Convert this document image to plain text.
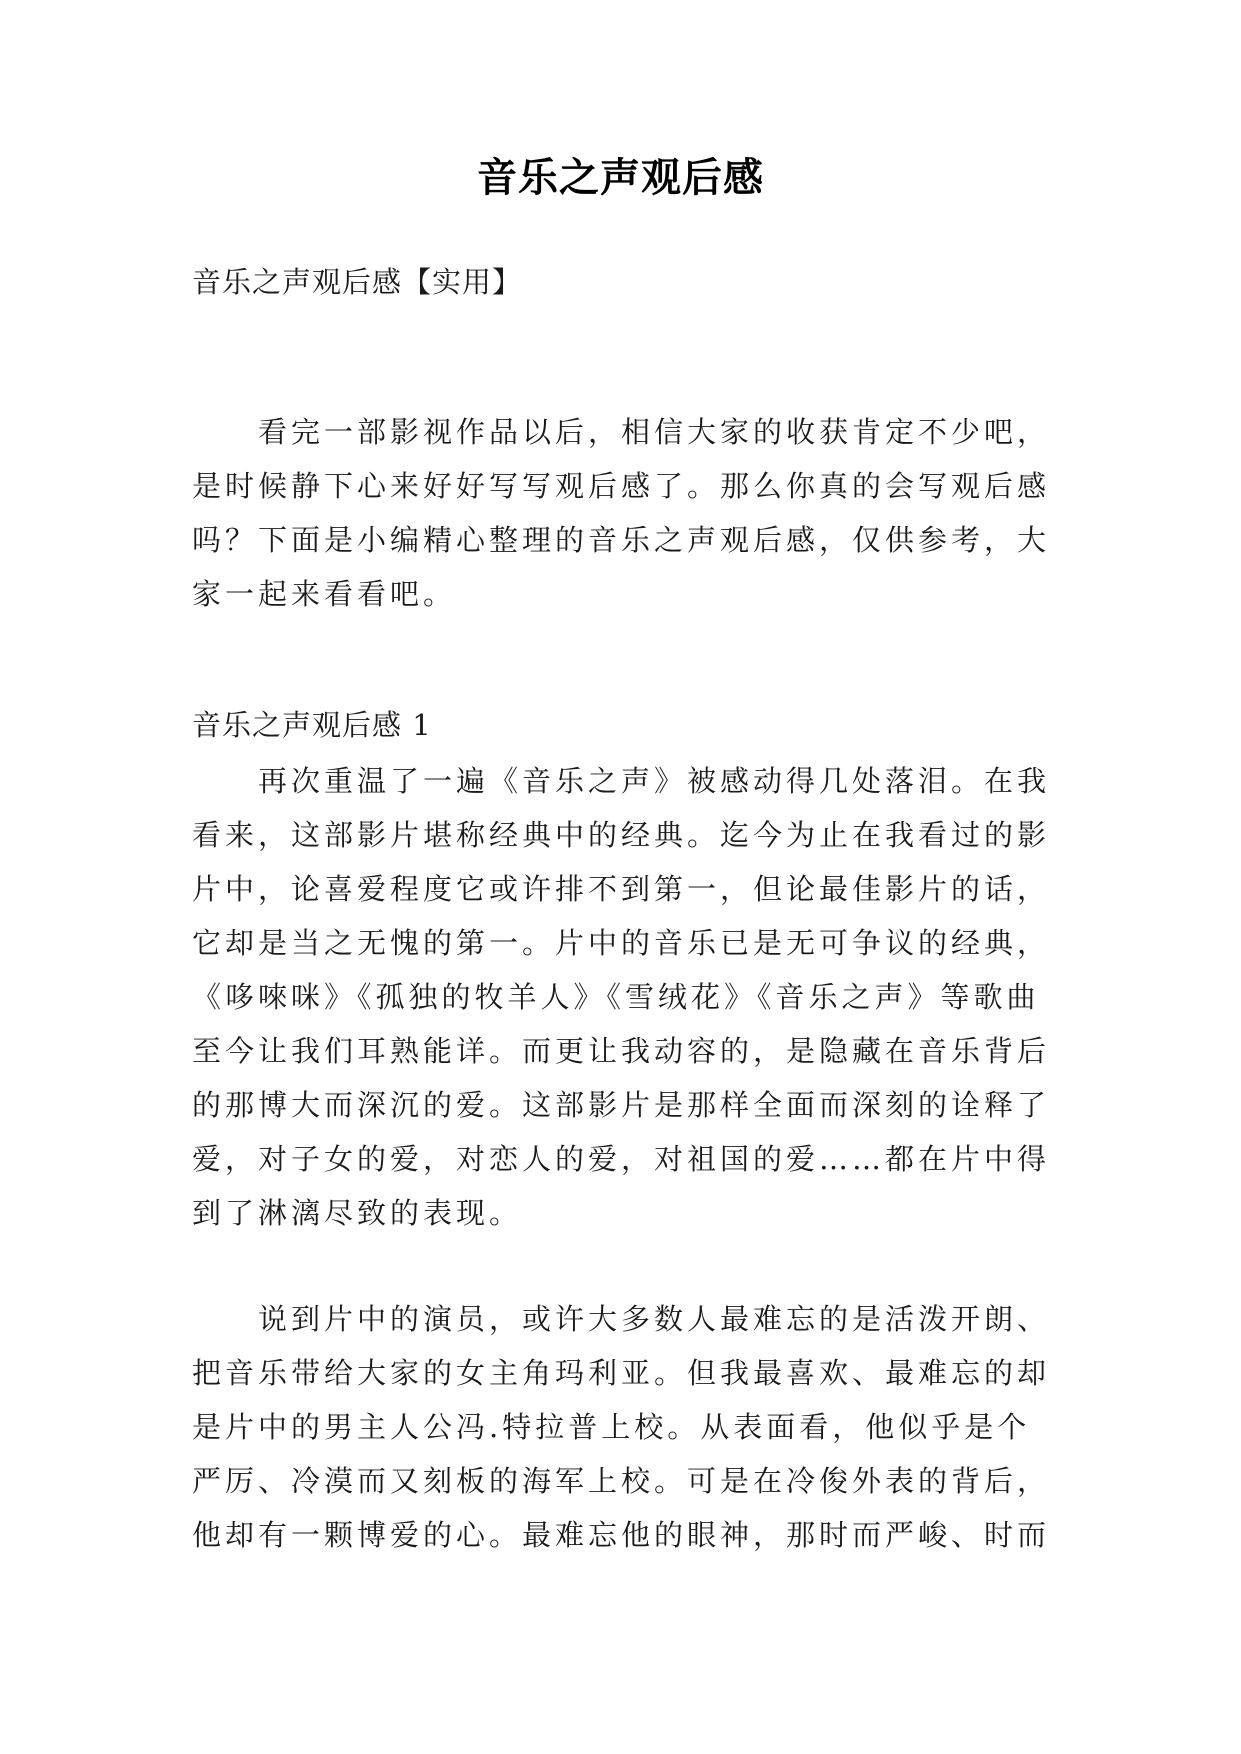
音乐之声观后感

音乐之声观后感【实用】

看完一部影视作品以后，相信大家的收获肯定不少吧，
是时候静下心来好好写写观后感了。那么你真的会写观后感
吗？下面是小编精心整理的音乐之声观后感，仅供参考，大
家一起来看看吧。

音乐之声观后感 1

再次重温了一遍《音乐之声》被感动得几处落泪。在我
看来，这部影片堪称经典中的经典。迄今为止在我看过的影
片中，论喜爱程度它或许排不到第一，但论最佳影片的话，
它却是当之无愧的第一。片中的音乐已是无可争议的经典，
《哆唻咪》《孤独的牧羊人》《雪绒花》《音乐之声》等歌曲
至今让我们耳熟能详。而更让我动容的，是隐藏在音乐背后
的那博大而深沉的爱。这部影片是那样全面而深刻的诠释了
爱，对子女的爱，对恋人的爱，对祖国的爱……都在片中得
到了淋漓尽致的表现。
说到片中的演员，或许大多数人最难忘的是活泼开朗、
把音乐带给大家的女主角玛利亚。但我最喜欢、最难忘的却
是片中的男主人公冯.特拉普上校。从表面看，他似乎是个
严厉、冷漠而又刻板的海军上校。可是在冷俊外表的背后，
他却有一颗博爱的心。最难忘他的眼神，那时而严峻、时而
